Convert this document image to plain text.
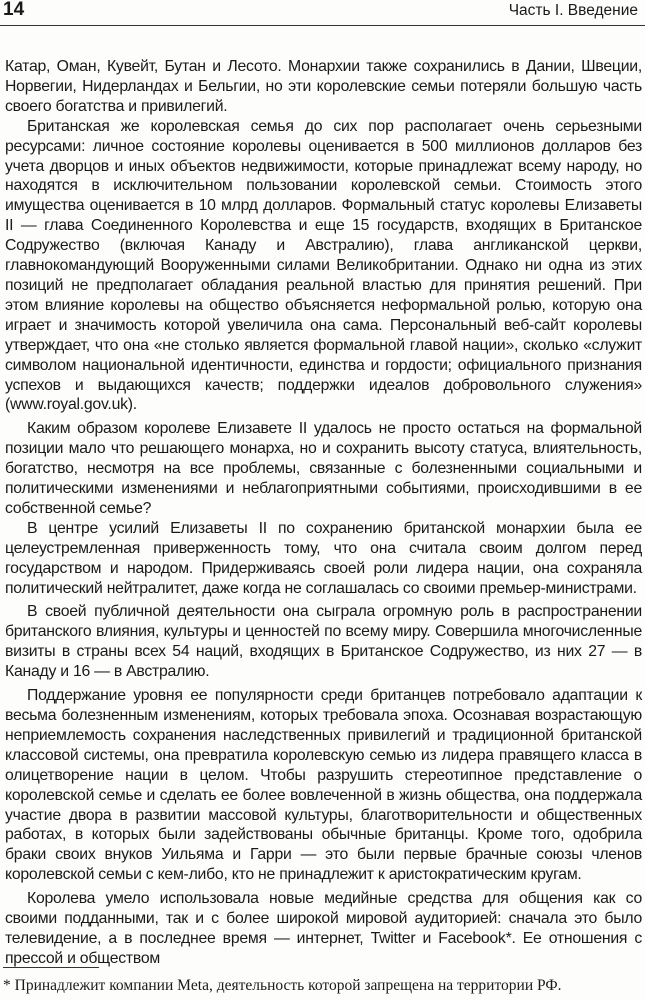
14	Часть I. Введение

Катар, Оман, Кувейт, Бутан и Лесото. Монархии также сохранились в Дании, Швеции, Норвегии, Нидерландах и Бельгии, но эти королевские семьи потеряли большую часть своего богатства и привилегий.

Британская же королевская семья до сих пор располагает очень серьезными ресурсами: личное состояние королевы оценивается в 500 миллионов долларов без учета дворцов и иных объектов недвижимости, которые принадлежат всему народу, но находятся в исключительном пользовании королевской семьи. Стоимость этого имущества оценивается в 10 млрд долларов. Формальный статус королевы Елизаветы II — глава Соединенного Королевства и еще 15 государств, входящих в Британское Содружество (включая Канаду и Австралию), глава англиканской церкви, главнокомандующий Вооруженными силами Великобритании. Однако ни одна из этих позиций не предполагает обладания реальной властью для принятия решений. При этом влияние королевы на общество объясняется неформальной ролью, которую она играет и значимость которой увеличила она сама. Персональный веб-сайт королевы утверждает, что она «не столько является формальной главой нации», сколько «служит символом национальной идентичности, единства и гордости; официального признания успехов и выдающихся качеств; поддержки идеалов добровольного служения» (www.royal.gov.uk).

Каким образом королеве Елизавете II удалось не просто остаться на формальной позиции мало что решающего монарха, но и сохранить высоту статуса, влиятельность, богатство, несмотря на все проблемы, связанные с болезненными социальными и политическими изменениями и неблагоприятными событиями, происходившими в ее собственной семье?

В центре усилий Елизаветы II по сохранению британской монархии была ее целеустремленная приверженность тому, что она считала своим долгом перед государством и народом. Придерживаясь своей роли лидера нации, она сохраняла политический нейтралитет, даже когда не соглашалась со своими премьер-министрами.

В своей публичной деятельности она сыграла огромную роль в распространении британского влияния, культуры и ценностей по всему миру. Совершила многочисленные визиты в страны всех 54 наций, входящих в Британское Содружество, из них 27 — в Канаду и 16 — в Австралию.

Поддержание уровня ее популярности среди британцев потребовало адаптации к весьма болезненным изменениям, которых требовала эпоха. Осознавая возрастающую неприемлемость сохранения наследственных привилегий и традиционной британской классовой системы, она превратила королевскую семью из лидера правящего класса в олицетворение нации в целом. Чтобы разрушить стереотипное представление о королевской семье и сделать ее более вовлеченной в жизнь общества, она поддержала участие двора в развитии массовой культуры, благотворительности и общественных работах, в которых были задействованы обычные британцы. Кроме того, одобрила браки своих внуков Уильяма и Гарри — это были первые брачные союзы членов королевской семьи с кем-либо, кто не принадлежит к аристократическим кругам.

Королева умело использовала новые медийные средства для общения как со своими подданными, так и с более широкой мировой аудиторией: сначала это было телевидение, а в последнее время — интернет, Twitter и Facebook*. Ее отношения с прессой и обществом

* Принадлежит компании Meta, деятельность которой запрещена на территории РФ.
